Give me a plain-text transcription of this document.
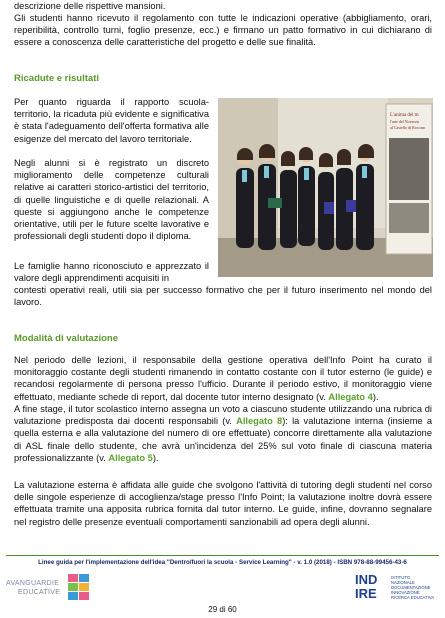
descrizione delle rispettive mansioni.
Gli studenti hanno ricevuto il regolamento con tutte le indicazioni operative (abbigliamento, orari, reperibilità, controllo turni, foglio presenze, ecc.) e firmano un patto formativo in cui dichiarano di essere a conoscenza delle caratteristiche del progetto e delle sue finalità.
Ricadute e risultati
Per quanto riguarda il rapporto scuola-territorio, la ricaduta più evidente e significativa è stata l'adeguamento dell'offerta formativa alle esigenze del mercato del lavoro territoriale.
Negli alunni si è registrato un discreto miglioramento delle competenze culturali relative ai caratteri storico-artistici del territorio, di quelle linguistiche e di quelle relazionali. A queste si aggiungono anche le competenze orientative, utili per le future scelte lavorative e professionali degli studenti dopo il diploma.
Le famiglie hanno riconosciuto e apprezzato il valore degli apprendimenti acquisiti in
contesti operativi reali, utili sia per successo formativo che per il futuro inserimento nel mondo del lavoro.
L'anima del m
l'arte del Novecen
al Castello di Roccam
Modalità di valutazione
Nel periodo delle lezioni, il responsabile della gestione operativa dell'Info Point ha curato il monitoraggio costante degli studenti rimanendo in contatto costante con il tutor esterno (le guide) e recandosi regolarmente di persona presso l'ufficio. Durante il periodo estivo, il monitoraggio viene effettuato, mediante schede di report, dal docente tutor interno designato (v. Allegato 4).
A fine stage, il tutor scolastico interno assegna un voto a ciascuno studente utilizzando una rubrica di valutazione predisposta dai docenti responsabili (v. Allegato 8): la valutazione interna (insieme a quella esterna e alla valutazione del numero di ore effettuate) concorre direttamente alla valutazione di ASL finale dello studente, che avrà un'incidenza del 25% sul voto finale di ciascuna materia professionalizzante (v. Allegato 5).
La valutazione esterna è affidata alle guide che svolgono l'attività di tutoring degli studenti nel corso delle singole esperienze di accoglienza/stage presso l'Info Point; la valutazione inoltre dovrà essere effettuata tramite una apposita rubrica fornita dal tutor interno. Le guide, infine, dovranno segnalare nel registro delle presenze eventuali comportamenti sanzionabili ad opera degli alunni.
Linee guida per l'implementazione dell'idea "Dentro/fuori la scuola - Service Learning" - v. 1.0 (2018) - ISBN 978-88-99456-43-6
AVANGUARDIE
EDUCATIVE
IND
IRE
ISTITUTO
NAZIONALE
DOCUMENTAZIONE
INNOVAZIONE
RICERCA EDUCATIVA
29 di 60
